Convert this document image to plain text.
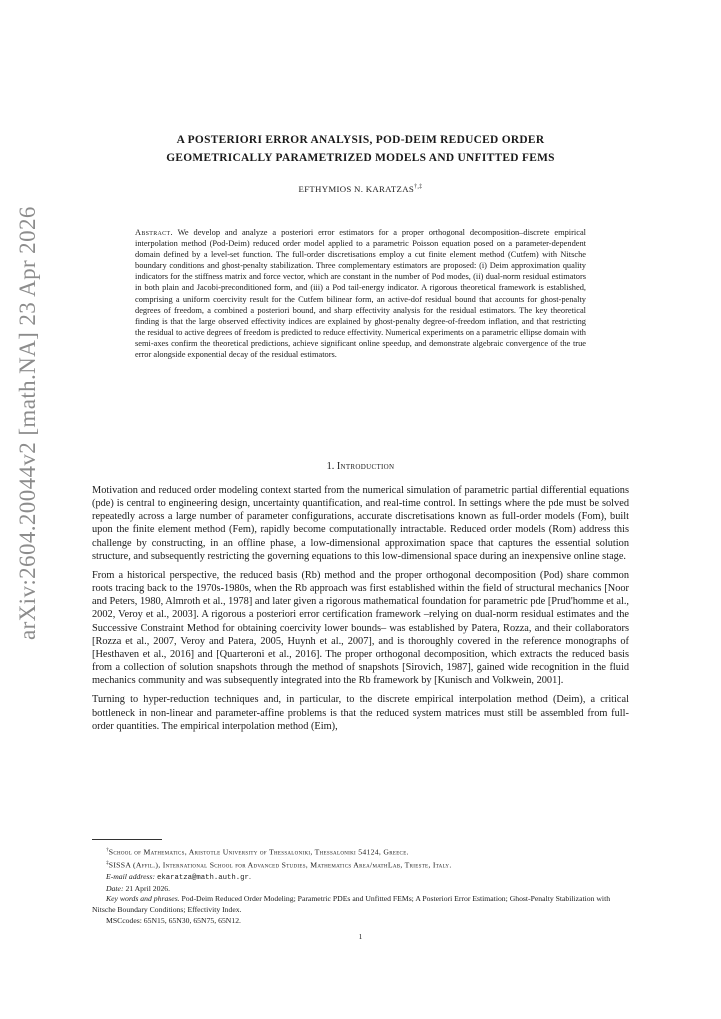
arXiv:2604.20044v2 [math.NA] 23 Apr 2026
A POSTERIORI ERROR ANALYSIS, POD-DEIM REDUCED ORDER
GEOMETRICALLY PARAMETRIZED MODELS AND UNFITTED FEMS
EFTHYMIOS N. KARATZAS†,‡
Abstract. We develop and analyze a posteriori error estimators for a proper orthogonal decomposition–discrete empirical interpolation method (Pod-Deim) reduced order model applied to a parametric Poisson equation posed on a parameter-dependent domain defined by a level-set function. The full-order discretisations employ a cut finite element method (Cutfem) with Nitsche boundary conditions and ghost-penalty stabilization. Three complementary estimators are proposed: (i) Deim approximation quality indicators for the stiffness matrix and force vector, which are constant in the number of Pod modes, (ii) dual-norm residual estimators in both plain and Jacobi-preconditioned form, and (iii) a Pod tail-energy indicator. A rigorous theoretical framework is established, comprising a uniform coercivity result for the Cutfem bilinear form, an active-dof residual bound that accounts for ghost-penalty degrees of freedom, a combined a posteriori bound, and sharp effectivity analysis for the residual estimators. The key theoretical finding is that the large observed effectivity indices are explained by ghost-penalty degree-of-freedom inflation, and that restricting the residual to active degrees of freedom is predicted to reduce effectivity. Numerical experiments on a parametric ellipse domain with semi-axes confirm the theoretical predictions, achieve significant online speedup, and demonstrate algebraic convergence of the true error alongside exponential decay of the residual estimators.
1. Introduction

Motivation and reduced order modeling context started from the numerical simulation of parametric partial differential equations (pde) is central to engineering design, uncertainty quantification, and real-time control. In settings where the pde must be solved repeatedly across a large number of parameter configurations, accurate discretisations known as full-order models (Fom), built upon the finite element method (Fem), rapidly become computationally intractable. Reduced order models (Rom) address this challenge by constructing, in an offline phase, a low-dimensional approximation space that captures the essential solution structure, and subsequently restricting the governing equations to this low-dimensional space during an inexpensive online stage.

From a historical perspective, the reduced basis (Rb) method and the proper orthogonal decomposition (Pod) share common roots tracing back to the 1970s-1980s, when the Rb approach was first established within the field of structural mechanics [Noor and Peters, 1980, Almroth et al., 1978] and later given a rigorous mathematical foundation for parametric pde [Prud'homme et al., 2002, Veroy et al., 2003]. A rigorous a posteriori error certification framework –relying on dual-norm residual estimates and the Successive Constraint Method for obtaining coercivity lower bounds– was established by Patera, Rozza, and their collaborators [Rozza et al., 2007, Veroy and Patera, 2005, Huynh et al., 2007], and is thoroughly covered in the reference monographs of [Hesthaven et al., 2016] and [Quarteroni et al., 2016]. The proper orthogonal decomposition, which extracts the reduced basis from a collection of solution snapshots through the method of snapshots [Sirovich, 1987], gained wide recognition in the fluid mechanics community and was subsequently integrated into the Rb framework by [Kunisch and Volkwein, 2001].

Turning to hyper-reduction techniques and, in particular, to the discrete empirical interpolation method (Deim), a critical bottleneck in non-linear and parameter-affine problems is that the reduced system matrices must still be assembled from full-order quantities. The empirical interpolation method (Eim),

†School of Mathematics, Aristotle University of Thessaloniki, Thessaloniki 54124, Greece.
‡SISSA (Affil.), International School for Advanced Studies, Mathematics Area/mathLab, Trieste, Italy.
E-mail address: ekaratza@math.auth.gr.
Date: 21 April 2026.
Key words and phrases. Pod-Deim Reduced Order Modeling; Parametric PDEs and Unfitted FEMs; A Posteriori Error Estimation; Ghost-Penalty Stabilization with Nitsche Boundary Conditions; Effectivity Index.
MSCcodes: 65N15, 65N30, 65N75, 65N12.
1
